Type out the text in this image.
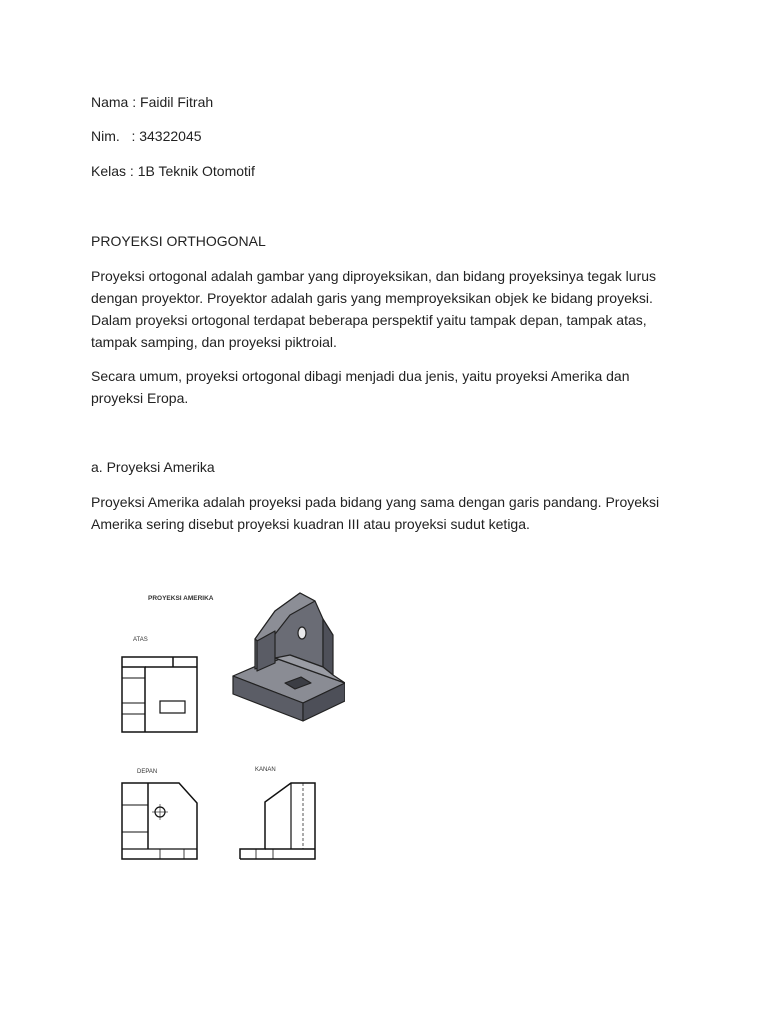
Nama : Faidil Fitrah
Nim.   : 34322045
Kelas : 1B Teknik Otomotif
PROYEKSI ORTHOGONAL

Proyeksi ortogonal adalah gambar yang diproyeksikan, dan bidang proyeksinya tegak lurus dengan proyektor. Proyektor adalah garis yang memproyeksikan objek ke bidang proyeksi. Dalam proyeksi ortogonal terdapat beberapa perspektif yaitu tampak depan, tampak atas, tampak samping, dan proyeksi piktroial.

Secara umum, proyeksi ortogonal dibagi menjadi dua jenis, yaitu proyeksi Amerika dan proyeksi Eropa.

a. Proyeksi Amerika

Proyeksi Amerika adalah proyeksi pada bidang yang sama dengan garis pandang. Proyeksi Amerika sering disebut proyeksi kuadran III atau proyeksi sudut ketiga.

PROYEKSI AMERIKA
ATAS
DEPAN	KANAN
